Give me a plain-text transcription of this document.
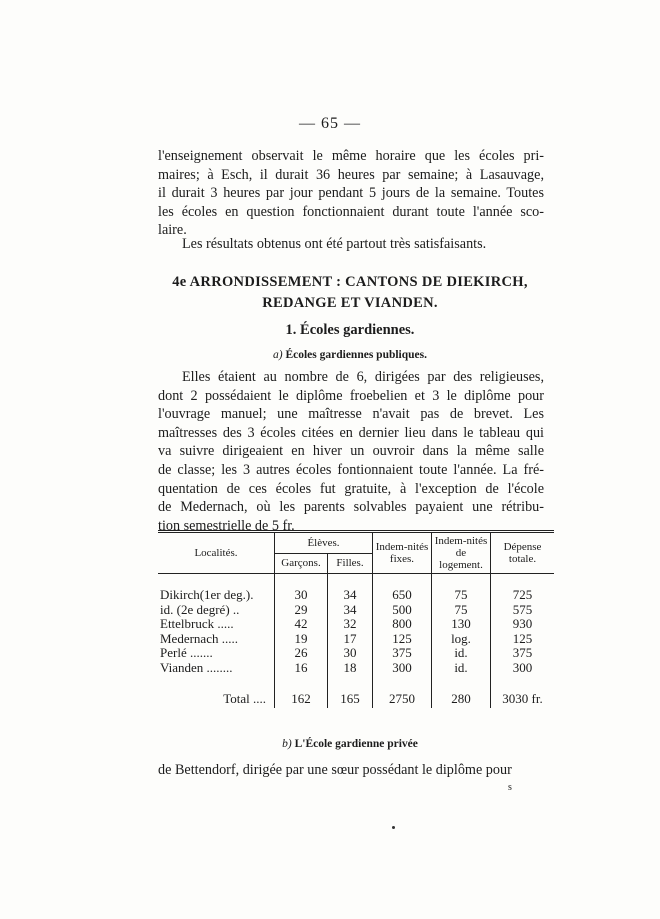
— 65 —

l'enseignement observait le même horaire que les écoles pri-
maires; à Esch, il durait 36 heures par semaine; à Lasauvage,
il durait 3 heures par jour pendant 5 jours de la semaine. Toutes
les écoles en question fonctionnaient durant toute l'année sco-
laire.

Les résultats obtenus ont été partout très satisfaisants.
4e ARRONDISSEMENT : CANTONS DE DIEKIRCH,
REDANGE ET VIANDEN.
1. Écoles gardiennes.
a) Écoles gardiennes publiques.

Elles étaient au nombre de 6, dirigées par des religieuses,
dont 2 possédaient le diplôme froebelien et 3 le diplôme pour
l'ouvrage manuel; une maîtresse n'avait pas de brevet. Les
maîtresses des 3 écoles citées en dernier lieu dans le tableau qui
va suivre dirigeaient en hiver un ouvroir dans la même salle
de classe; les 3 autres écoles fontionnaient toute l'année. La fré-
quentation de ces écoles fut gratuite, à l'exception de l'école
de Medernach, où les parents solvables payaient une rétribu-
tion semestrielle de 5 fr.

Localités.	Élèves.		Indem-nités fixes.	Indem-nités de logement.	Dépense totale.
	Garçons.	Filles.			

Dikirch(1er deg.).	30	34	650	75	725
id. (2e degré) ..	29	34	500	75	575
Ettelbruck .....	42	32	800	130	930
Medernach .....	19	17	125	log.	125
Perlé .......	26	30	375	id.	375
Vianden ........	16	18	300	id.	300

Total ....	162	165	2750	280	3030 fr.
b) L'École gardienne privée
de Bettendorf, dirigée par une sœur possédant le diplôme pour
s
